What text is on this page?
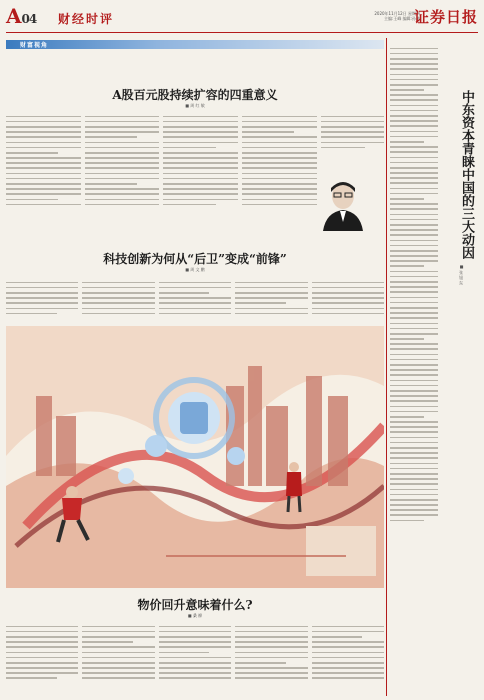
A04 财经时评	2020年11月12日 星期四
主编:王峰 编辑:孙楠
证券日报
财富视角
A股百元股持续扩容的四重意义
■ 周 红 敏
科技创新为何从“后卫”变成“前锋”
■ 周 文 鹏
物价回升意味着什么?
■ 桑 柳
中东资本青睐中国的三大动因
■ 张 旭 东
